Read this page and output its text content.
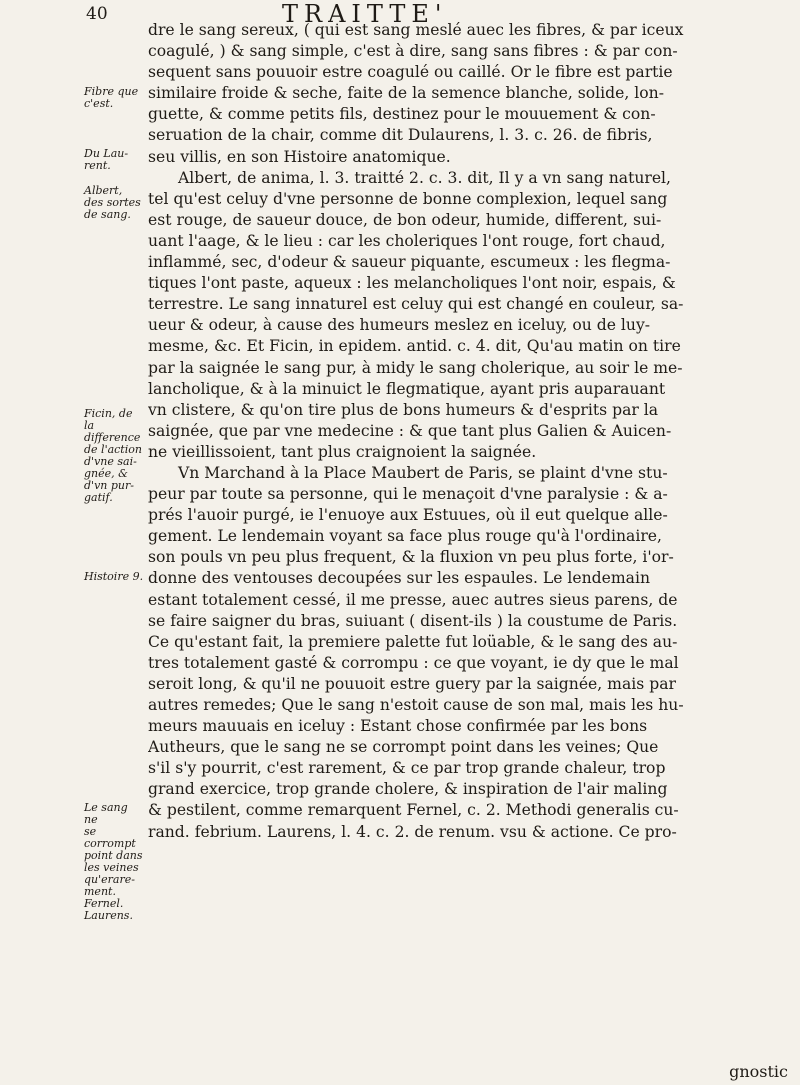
40	TRAITTE'
Fibre que
c'est.
Du Lau-
rent.
Albert,
des sortes
de sang.
Ficin, de la
difference
de l'action
d'vne sai-
gnée, &
d'vn pur-
gatif.
Histoire 9.
Le sang ne
se corrompt
point dans
les veines
qu'erare-
ment.
Fernel.
Laurens.
dre le sang sereux, ( qui est sang meslé auec les fibres, & par iceux
coagulé, ) & sang simple, c'est à dire, sang sans fibres : & par con-
sequent sans pouuoir estre coagulé ou caillé. Or le fibre est partie
similaire froide & seche, faite de la semence blanche, solide, lon-
guette, & comme petits fils, destinez pour le mouuement & con-
seruation de la chair, comme dit Dulaurens, l. 3. c. 26. de fibris,
seu villis, en son Histoire anatomique.
Albert, de anima, l. 3. traitté 2. c. 3. dit, Il y a vn sang naturel,
tel qu'est celuy d'vne personne de bonne complexion, lequel sang
est rouge, de saueur douce, de bon odeur, humide, different, sui-
uant l'aage, & le lieu : car les choleriques l'ont rouge, fort chaud,
inflammé, sec, d'odeur & saueur piquante, escumeux : les flegma-
tiques l'ont paste, aqueux : les melancholiques l'ont noir, espais, &
terrestre. Le sang innaturel est celuy qui est changé en couleur, sa-
ueur & odeur, à cause des humeurs meslez en iceluy, ou de luy-
mesme, &c. Et Ficin, in epidem. antid. c. 4. dit, Qu'au matin on tire
par la saignée le sang pur, à midy le sang cholerique, au soir le me-
lancholique, & à la minuict le flegmatique, ayant pris auparauant
vn clistere, & qu'on tire plus de bons humeurs & d'esprits par la
saignée, que par vne medecine : & que tant plus Galien & Auicen-
ne vieillissoient, tant plus craignoient la saignée.
Vn Marchand à la Place Maubert de Paris, se plaint d'vne stu-
peur par toute sa personne, qui le menaçoit d'vne paralysie : & a-
prés l'auoir purgé, ie l'enuoye aux Estuues, où il eut quelque alle-
gement. Le lendemain voyant sa face plus rouge qu'à l'ordinaire,
son pouls vn peu plus frequent, & la fluxion vn peu plus forte, i'or-
donne des ventouses decoupées sur les espaules. Le lendemain
estant totalement cessé, il me presse, auec autres sieus parens, de
se faire saigner du bras, suiuant ( disent-ils ) la coustume de Paris.
Ce qu'estant fait, la premiere palette fut loüable, & le sang des au-
tres totalement gasté & corrompu : ce que voyant, ie dy que le mal
seroit long, & qu'il ne pouuoit estre guery par la saignée, mais par
autres remedes; Que le sang n'estoit cause de son mal, mais les hu-
meurs mauuais en iceluy : Estant chose confirmée par les bons
Autheurs, que le sang ne se corrompt point dans les veines; Que
s'il s'y pourrit, c'est rarement, & ce par trop grande chaleur, trop
grand exercice, trop grande cholere, & inspiration de l'air maling
& pestilent, comme remarquent Fernel, c. 2. Methodi generalis cu-
rand. febrium. Laurens, l. 4. c. 2. de renum. vsu & actione. Ce pro-
gnostic
